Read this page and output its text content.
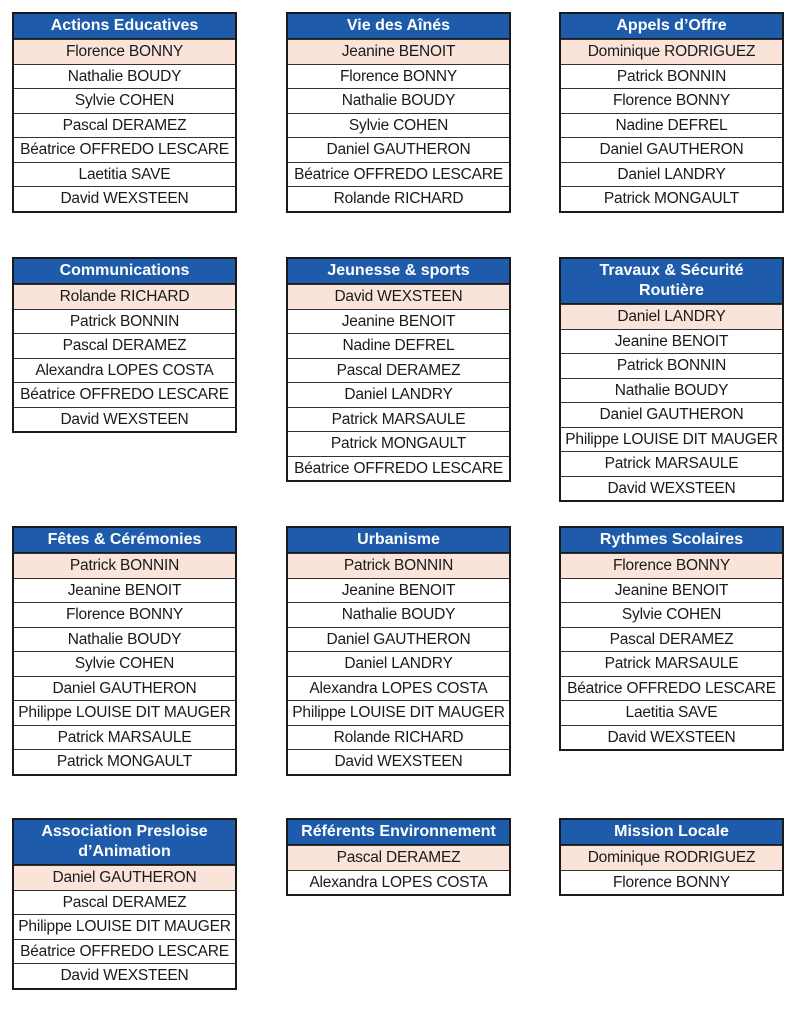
Actions Educatives
Florence BONNY
Nathalie BOUDY
Sylvie COHEN
Pascal DERAMEZ
Béatrice OFFREDO LESCARE
Laetitia SAVE
David WEXSTEEN
Vie des Aînés
Jeanine BENOIT
Florence BONNY
Nathalie BOUDY
Sylvie COHEN
Daniel GAUTHERON
Béatrice OFFREDO LESCARE
Rolande RICHARD
Appels d’Offre
Dominique RODRIGUEZ
Patrick BONNIN
Florence BONNY
Nadine DEFREL
Daniel GAUTHERON
Daniel LANDRY
Patrick MONGAULT
Communications
Rolande RICHARD
Patrick BONNIN
Pascal DERAMEZ
Alexandra LOPES COSTA
Béatrice OFFREDO LESCARE
David WEXSTEEN
Jeunesse & sports
David WEXSTEEN
Jeanine BENOIT
Nadine DEFREL
Pascal DERAMEZ
Daniel LANDRY
Patrick MARSAULE
Patrick MONGAULT
Béatrice OFFREDO LESCARE
Travaux & Sécurité Routière
Daniel LANDRY
Jeanine BENOIT
Patrick BONNIN
Nathalie BOUDY
Daniel GAUTHERON
Philippe LOUISE DIT MAUGER
Patrick MARSAULE
David WEXSTEEN
Fêtes & Cérémonies
Patrick BONNIN
Jeanine BENOIT
Florence BONNY
Nathalie BOUDY
Sylvie COHEN
Daniel GAUTHERON
Philippe LOUISE DIT MAUGER
Patrick MARSAULE
Patrick MONGAULT
Urbanisme
Patrick BONNIN
Jeanine BENOIT
Nathalie BOUDY
Daniel GAUTHERON
Daniel LANDRY
Alexandra LOPES COSTA
Philippe LOUISE DIT MAUGER
Rolande RICHARD
David WEXSTEEN
Rythmes Scolaires
Florence BONNY
Jeanine BENOIT
Sylvie COHEN
Pascal DERAMEZ
Patrick MARSAULE
Béatrice OFFREDO LESCARE
Laetitia SAVE
David WEXSTEEN
Association Presloise d’Animation
Daniel GAUTHERON
Pascal DERAMEZ
Philippe LOUISE DIT MAUGER
Béatrice OFFREDO LESCARE
David WEXSTEEN
Référents Environnement
Pascal DERAMEZ
Alexandra LOPES COSTA
Mission Locale
Dominique RODRIGUEZ
Florence BONNY
